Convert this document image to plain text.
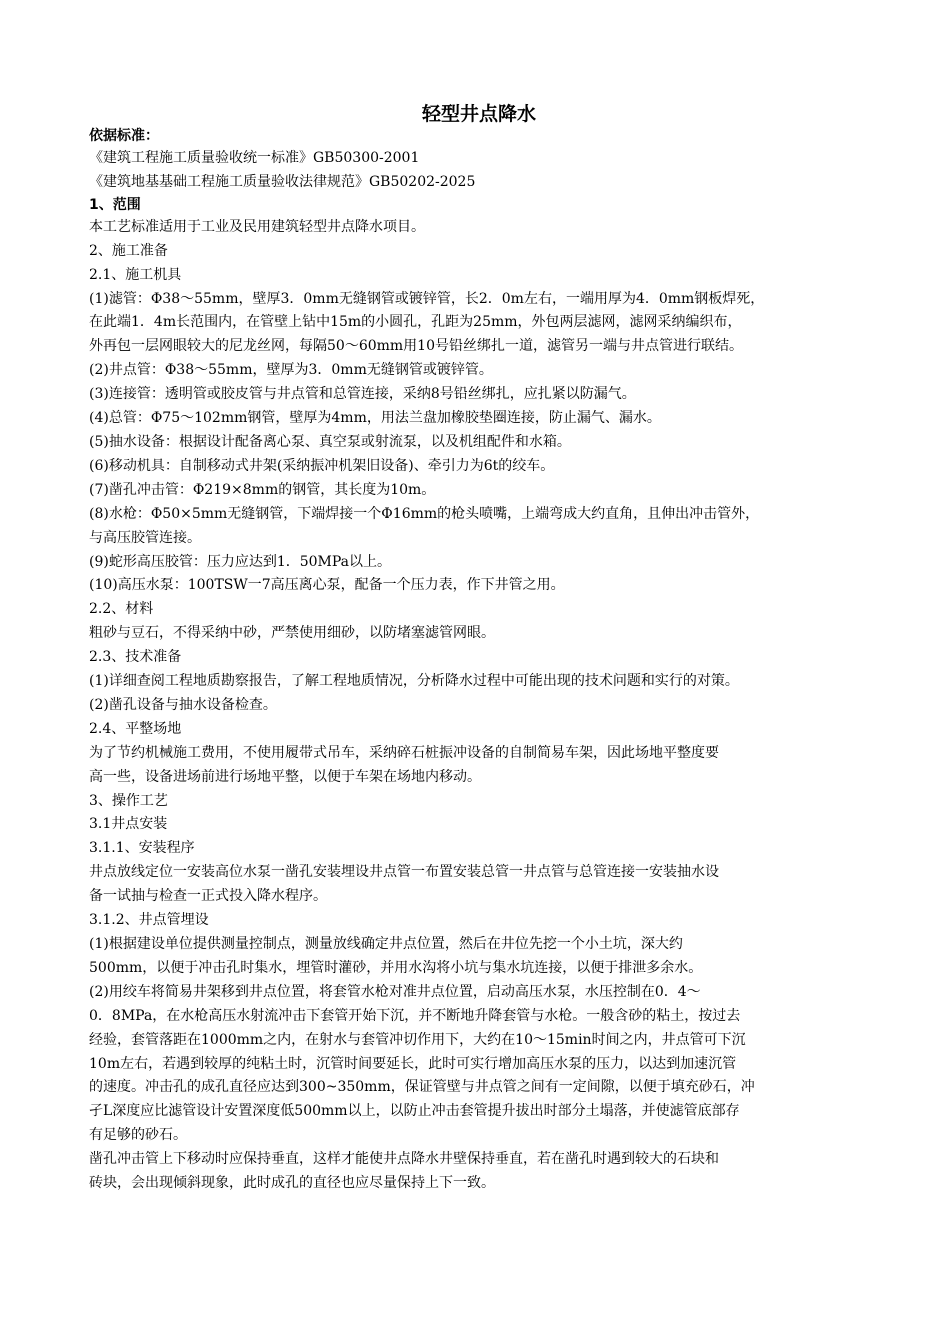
轻型井点降水
依据标准：
《建筑工程施工质量验收统一标准》GB50300-2001
《建筑地基基础工程施工质量验收法律规范》GB50202-2025
1、范围
本工艺标准适用于工业及民用建筑轻型井点降水项目。
2、施工准备
2.1、施工机具
(1)滤管：Φ38～55mm，壁厚3．0mm无缝钢管或镀锌管，长2．0m左右，一端用厚为4．0mm钢板焊死，
在此端1．4m长范围内，在管壁上钻中15m的小圆孔，孔距为25mm，外包两层滤网，滤网采纳编织布，
外再包一层网眼较大的尼龙丝网，每隔50～60mm用10号铅丝绑扎一道，滤管另一端与井点管进行联结。
(2)井点管：Φ38～55mm，壁厚为3．0mm无缝钢管或镀锌管。
(3)连接管：透明管或胶皮管与井点管和总管连接，采纳8号铅丝绑扎，应扎紧以防漏气。
(4)总管：Φ75～102mm钢管，壁厚为4mm，用法兰盘加橡胶垫圈连接，防止漏气、漏水。
(5)抽水设备：根据设计配备离心泵、真空泵或射流泵，以及机组配件和水箱。
(6)移动机具：自制移动式井架(采纳振冲机架旧设备)、牵引力为6t的绞车。
(7)凿孔冲击管：Φ219×8mm的钢管，其长度为10m。
(8)水枪：Φ50×5mm无缝钢管，下端焊接一个Φ16mm的枪头喷嘴，上端弯成大约直角，且伸出冲击管外，
与高压胶管连接。
(9)蛇形高压胶管：压力应达到1．50MPa以上。
(10)高压水泵：100TSW一7高压离心泵，配备一个压力表，作下井管之用。
2.2、材料
粗砂与豆石，不得采纳中砂，严禁使用细砂，以防堵塞滤管网眼。
2.3、技术准备
(1)详细查阅工程地质勘察报告，了解工程地质情况，分析降水过程中可能出现的技术问题和实行的对策。
(2)凿孔设备与抽水设备检查。
2.4、平整场地
为了节约机械施工费用，不使用履带式吊车，采纳碎石桩振冲设备的自制简易车架，因此场地平整度要
高一些，设备进场前进行场地平整，以便于车架在场地内移动。
3、操作工艺
3.1井点安装
3.1.1、安装程序
井点放线定位一安装高位水泵一凿孔安装埋设井点管一布置安装总管一井点管与总管连接一安装抽水设
备一试抽与检查一正式投入降水程序。
3.1.2、井点管埋设
(1)根据建设单位提供测量控制点，测量放线确定井点位置，然后在井位先挖一个小土坑，深大约
500mm，以便于冲击孔时集水，埋管时灌砂，并用水沟将小坑与集水坑连接，以便于排泄多余水。
(2)用绞车将简易井架移到井点位置，将套管水枪对准井点位置，启动高压水泵，水压控制在0．4～
0．8MPa，在水枪高压水射流冲击下套管开始下沉，并不断地升降套管与水枪。一般含砂的粘土，按过去
经验，套管落距在1000mm之内，在射水与套管冲切作用下，大约在10～15min时间之内，井点管可下沉
10m左右，若遇到较厚的纯粘土时，沉管时间要延长，此时可实行增加高压水泵的压力，以达到加速沉管
的速度。冲击孔的成孔直径应达到300~350mm，保证管壁与井点管之间有一定间隙，以便于填充砂石，冲
孑L深度应比滤管设计安置深度低500mm以上，以防止冲击套管提升拔出时部分土塌落，并使滤管底部存
有足够的砂石。
凿孔冲击管上下移动时应保持垂直，这样才能使井点降水井壁保持垂直，若在凿孔时遇到较大的石块和
砖块，会出现倾斜现象，此时成孔的直径也应尽量保持上下一致。
